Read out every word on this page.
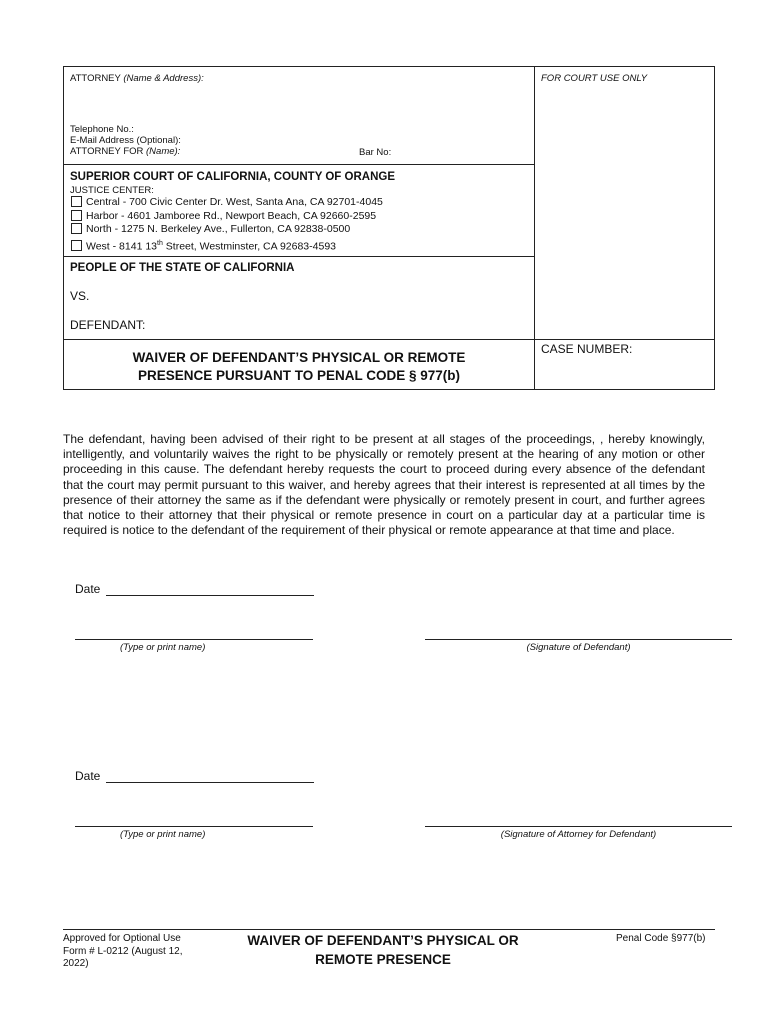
ATTORNEY (Name & Address):	FOR COURT USE ONLY
Telephone No.:
E-Mail Address (Optional):
ATTORNEY FOR (Name):	Bar No:
SUPERIOR COURT OF CALIFORNIA, COUNTY OF ORANGE
JUSTICE CENTER:
Central - 700 Civic Center Dr. West, Santa Ana, CA 92701-4045
Harbor - 4601 Jamboree Rd., Newport Beach, CA 92660-2595
North - 1275 N. Berkeley Ave., Fullerton, CA 92838-0500
West - 8141 13th Street, Westminster, CA 92683-4593
PEOPLE OF THE STATE OF CALIFORNIA
VS.
DEFENDANT:
WAIVER OF DEFENDANT’S PHYSICAL OR REMOTE
PRESENCE PURSUANT TO PENAL CODE § 977(b)
CASE NUMBER:
The defendant, having been advised of their right to be present at all stages of the proceedings, , hereby knowingly, intelligently, and voluntarily waives the right to be physically or remotely present at the hearing of any motion or other proceeding in this cause. The defendant hereby requests the court to proceed during every absence of the defendant that the court may permit pursuant to this waiver, and hereby agrees that their interest is represented at all times by the presence of their attorney the same as if the defendant were physically or remotely present in court, and further agrees that notice to their attorney that their physical or remote presence in court on a particular day at a particular time is required is notice to the defendant of the requirement of their physical or remote appearance at that time and place.
Date
(Type or print name)	(Signature of Defendant)
Date
(Type or print name)	(Signature of Attorney for Defendant)
Approved for Optional Use
Form # L-0212 (August 12,
2022)
WAIVER OF DEFENDANT’S PHYSICAL OR
REMOTE PRESENCE
Penal Code §977(b)
